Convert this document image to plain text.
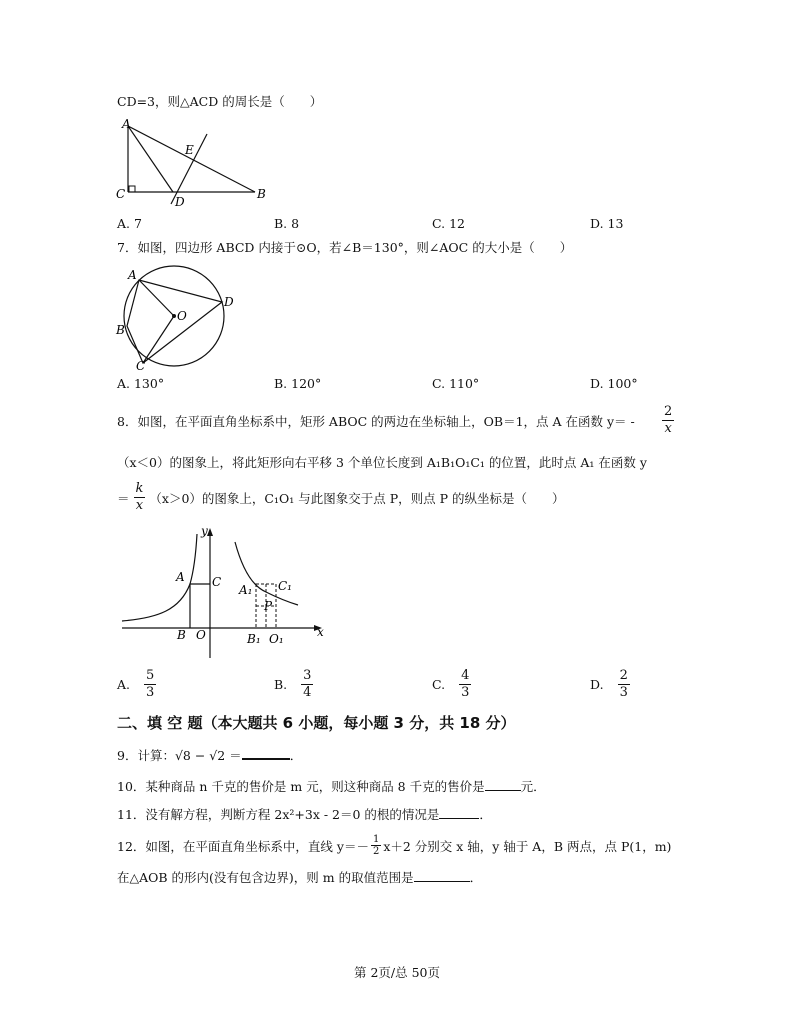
CD=3，则△ACD 的周长是（　　）
A
C
D
E
B
A. 7	B. 8	C. 12	D. 13
7．如图，四边形 ABCD 内接于⊙O，若∠B＝130°，则∠AOC 的大小是（　　）
A
B
C
D
O
A. 130°	B. 120°	C. 110°	D. 100°
8．如图，在平面直角坐标系中，矩形 ABOC 的两边在坐标轴上，OB＝1，点 A 在函数 $y= - \frac{2}{x}$
（x＜0）的图象上，将此矩形向右平移 3 个单位长度到 A₁B₁O₁C₁ 的位置，此时点 A₁ 在函数 y
＝ $\frac{k}{x} (x>0)$的图象上，C₁O₁ 与此图象交于点 P，则点 P 的纵坐标是（　　）
y
x
A C
B O
A₁ C₁
P
B₁ O₁
A. $\frac{5}{3}$	B. $\frac{3}{4}$	C. $\frac{4}{3}$	D. $\frac{2}{3}$
二、填 空 题（本大题共 6 小题，每小题 3 分，共 18 分）
9．计算：√8 − √2 ＝	．
10．某种商品 n 千克的售价是 m 元，则这种商品 8 千克的售价是	元．
11．没有解方程，判断方程 2x²+3x - 2＝0 的根的情况是	．
12．如图，在平面直角坐标系中，直线 $y=- \frac{1}{2} x+2$ 分别交 x 轴，y 轴于 A，B 两点，点 P(1，m)
在△AOB 的形内(没有包含边界)，则 m 的取值范围是	．
第 2页/总 50页
